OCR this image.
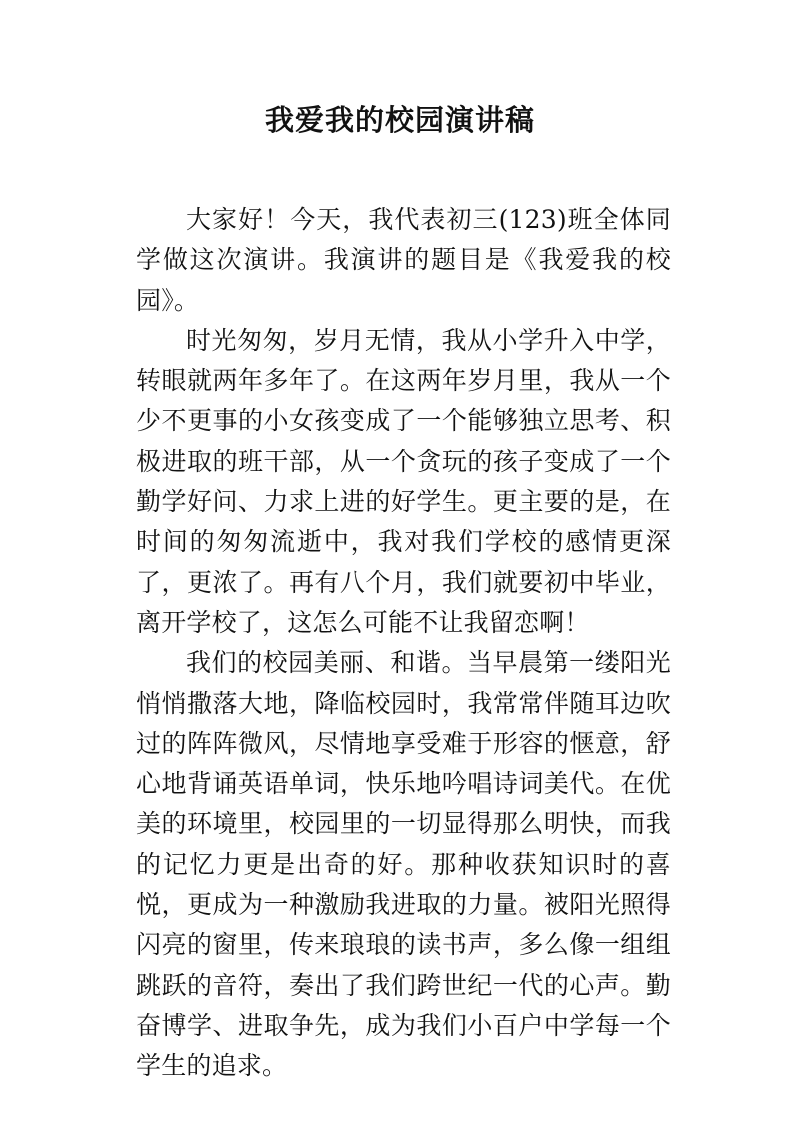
我爱我的校园演讲稿

大家好！今天，我代表初三(123)班全体同学做这次演讲。我演讲的题目是《我爱我的校园》。

时光匆匆，岁月无情，我从小学升入中学，转眼就两年多年了。在这两年岁月里，我从一个少不更事的小女孩变成了一个能够独立思考、积极进取的班干部，从一个贪玩的孩子变成了一个勤学好问、力求上进的好学生。更主要的是，在时间的匆匆流逝中，我对我们学校的感情更深了，更浓了。再有八个月，我们就要初中毕业，离开学校了，这怎么可能不让我留恋啊！

我们的校园美丽、和谐。当早晨第一缕阳光悄悄撒落大地，降临校园时，我常常伴随耳边吹过的阵阵微风，尽情地享受难于形容的惬意，舒心地背诵英语单词，快乐地吟唱诗词美代。在优美的环境里，校园里的一切显得那么明快，而我的记忆力更是出奇的好。那种收获知识时的喜悦，更成为一种激励我进取的力量。被阳光照得闪亮的窗里，传来琅琅的读书声，多么像一组组跳跃的音符，奏出了我们跨世纪一代的心声。勤奋博学、进取争先，成为我们小百户中学每一个学生的追求。
